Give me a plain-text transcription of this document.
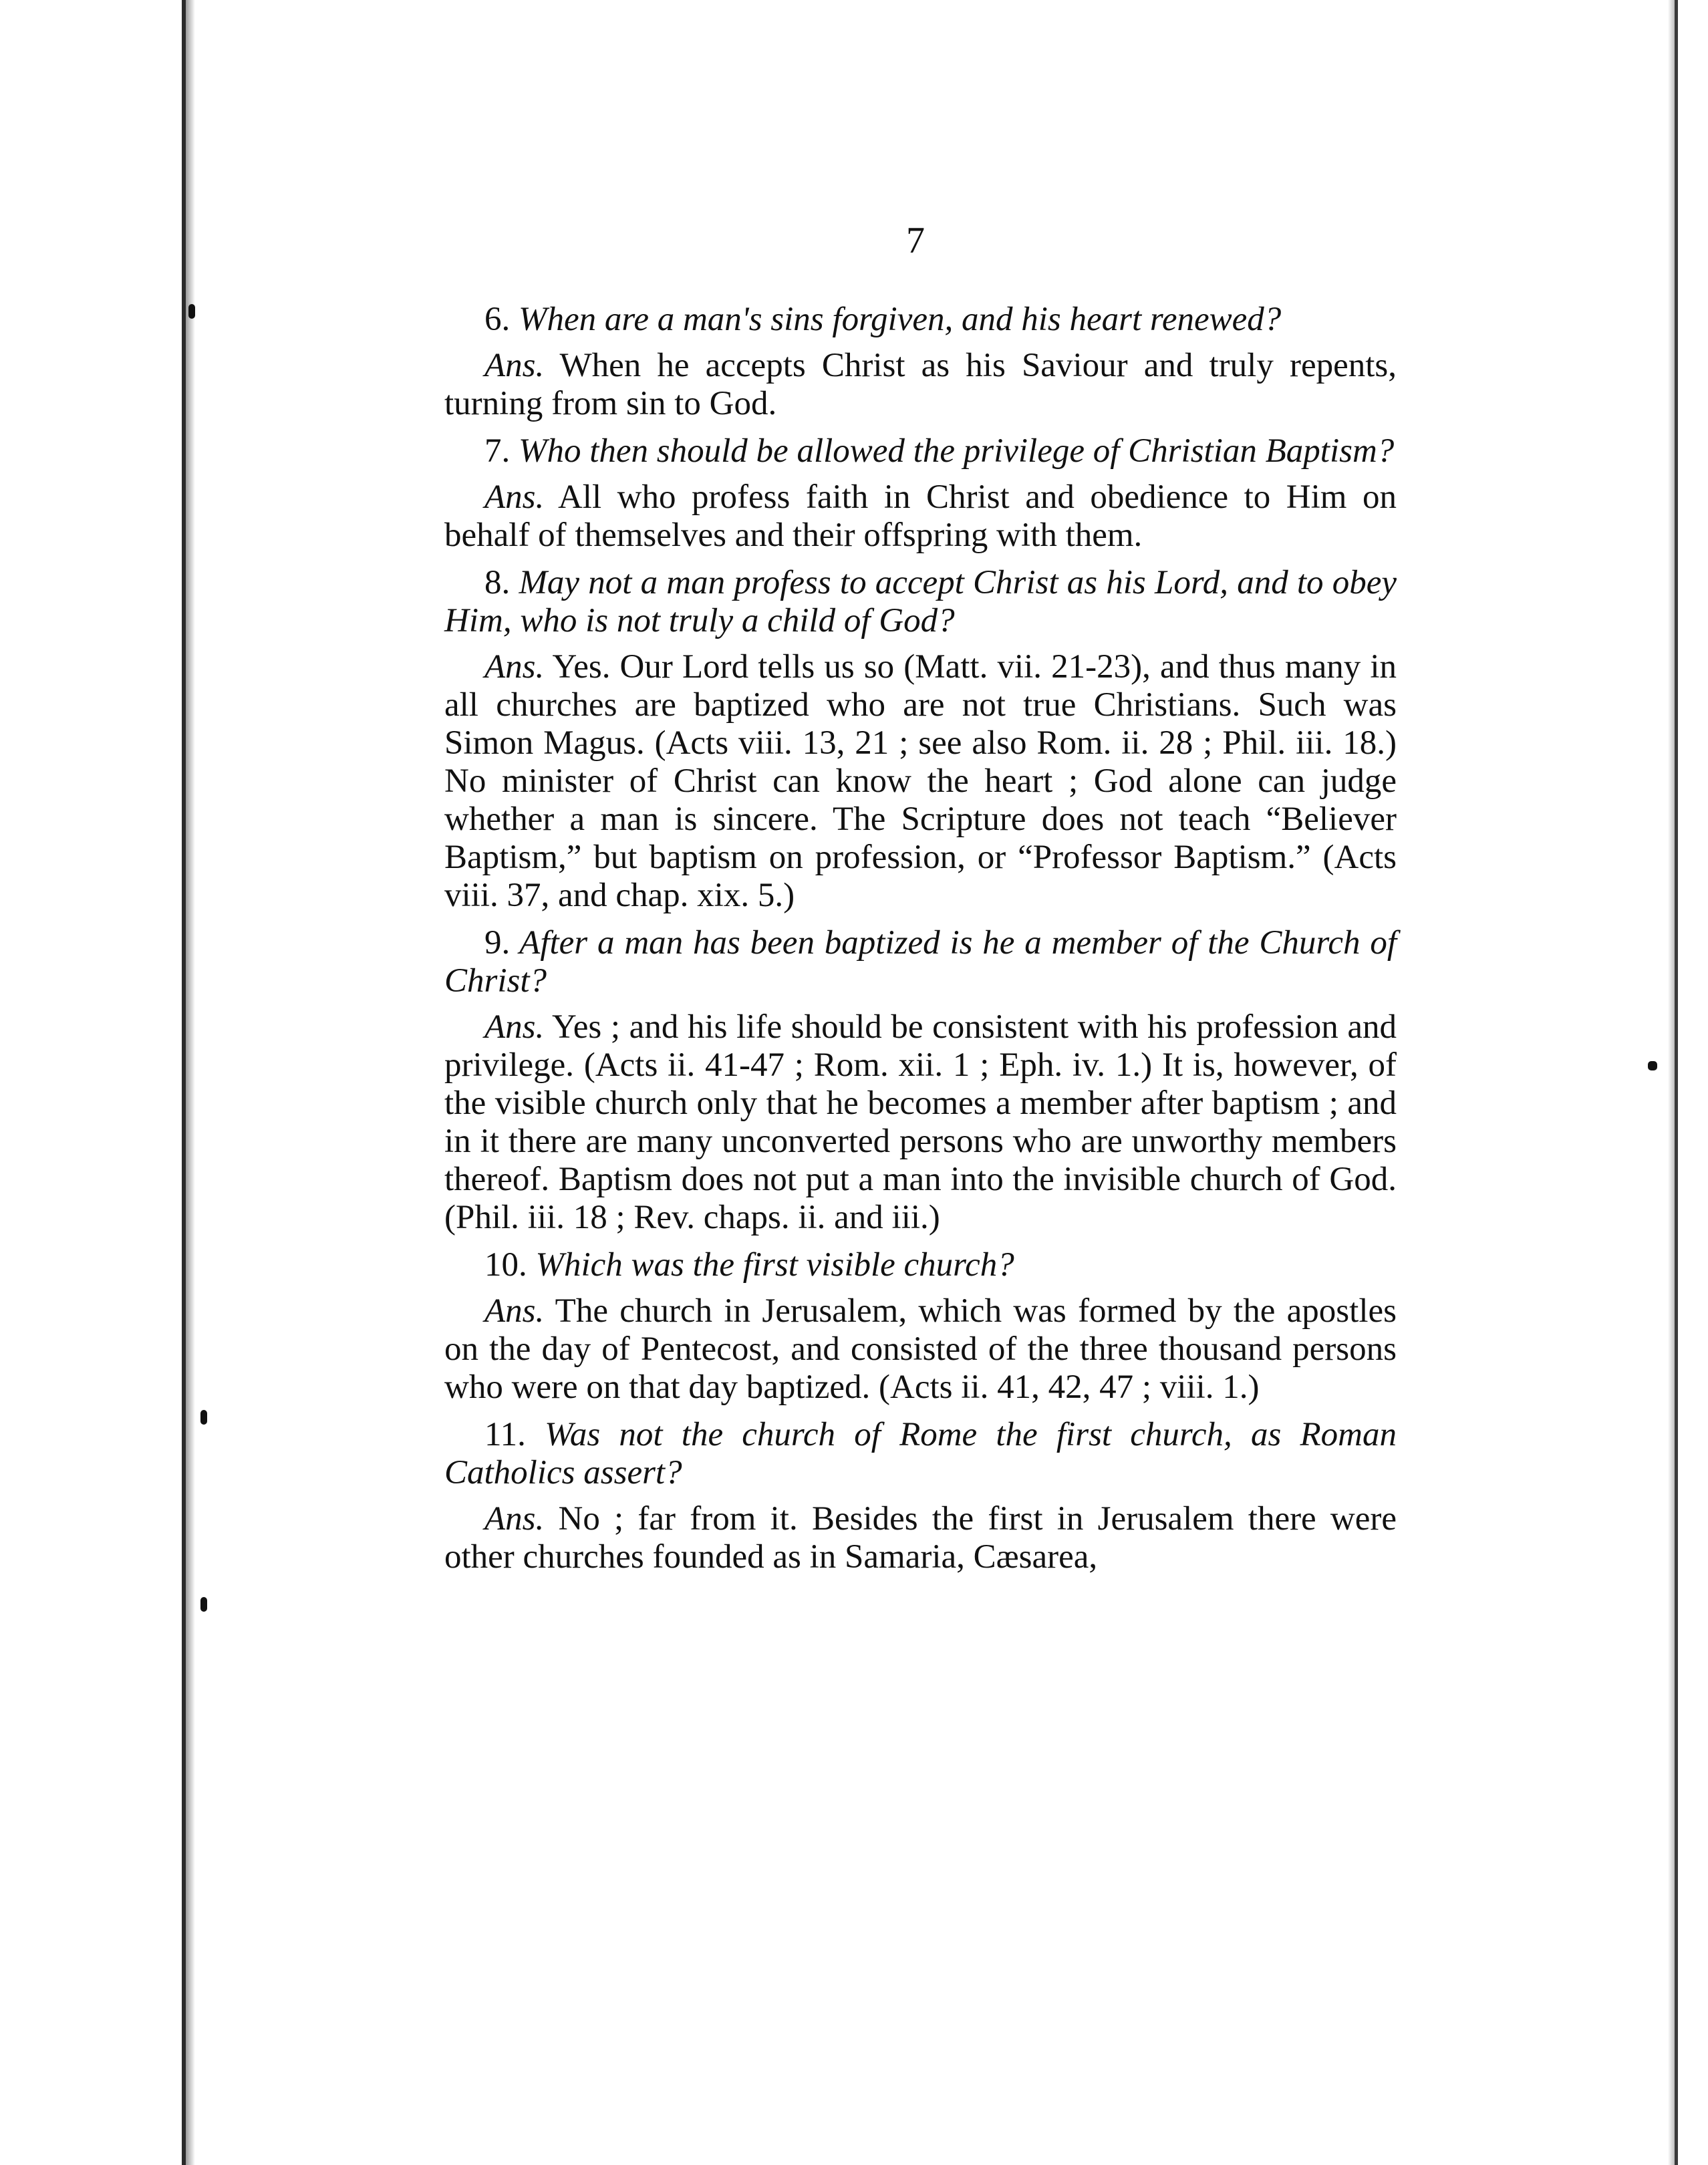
7

6. When are a man's sins forgiven, and his heart renewed?

Ans. When he accepts Christ as his Saviour and truly repents, turning from sin to God.

7. Who then should be allowed the privilege of Christian Baptism?

Ans. All who profess faith in Christ and obedience to Him on behalf of themselves and their offspring with them.

8. May not a man profess to accept Christ as his Lord, and to obey Him, who is not truly a child of God?

Ans. Yes. Our Lord tells us so (Matt. vii. 21-23), and thus many in all churches are baptized who are not true Christians. Such was Simon Magus. (Acts viii. 13, 21 ; see also Rom. ii. 28 ; Phil. iii. 18.) No minister of Christ can know the heart ; God alone can judge whether a man is sincere. The Scripture does not teach “Believer Baptism,” but baptism on profession, or “Professor Baptism.” (Acts viii. 37, and chap. xix. 5.)

9. After a man has been baptized is he a member of the Church of Christ?

Ans. Yes ; and his life should be consistent with his profession and privilege. (Acts ii. 41-47 ; Rom. xii. 1 ; Eph. iv. 1.) It is, however, of the visible church only that he becomes a member after baptism ; and in it there are many unconverted persons who are unworthy members thereof. Baptism does not put a man into the invisible church of God. (Phil. iii. 18 ; Rev. chaps. ii. and iii.)

10. Which was the first visible church?

Ans. The church in Jerusalem, which was formed by the apostles on the day of Pentecost, and consisted of the three thousand persons who were on that day baptized. (Acts ii. 41, 42, 47 ; viii. 1.)

11. Was not the church of Rome the first church, as Roman Catholics assert?

Ans. No ; far from it. Besides the first in Jerusalem there were other churches founded as in Samaria, Cæsarea,
